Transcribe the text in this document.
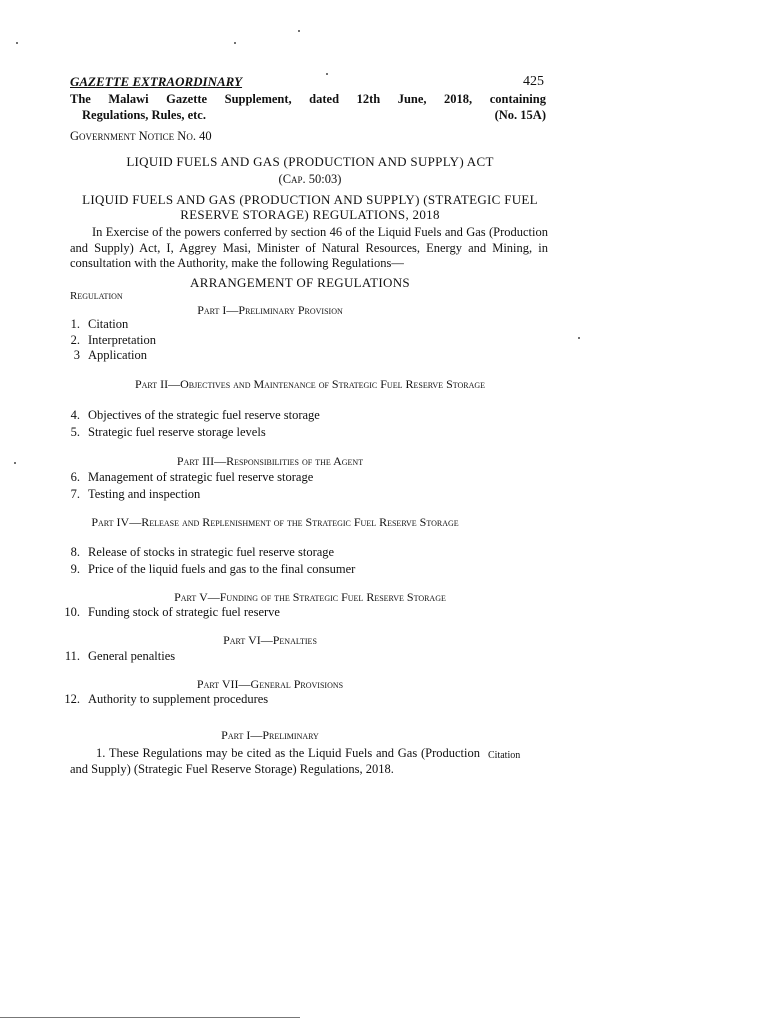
GAZETTE EXTRAORDINARY	425
The Malawi Gazette Supplement, dated 12th June, 2018, containing
Regulations, Rules, etc.	(No. 15A)
Government Notice No. 40
LIQUID FUELS AND GAS (PRODUCTION AND SUPPLY) ACT
(Cap. 50:03)
LIQUID FUELS AND GAS (PRODUCTION AND SUPPLY) (STRATEGIC FUEL RESERVE STORAGE) REGULATIONS, 2018
In Exercise of the powers conferred by section 46 of the Liquid Fuels and Gas (Production and Supply) Act, I, Aggrey Masi, Minister of Natural Resources, Energy and Mining, in consultation with the Authority, make the following Regulations—
ARRANGEMENT OF REGULATIONS
Regulation
Part I—Preliminary Provision
1. Citation
2. Interpretation
3 Application
Part II—Objectives and Maintenance of Strategic Fuel Reserve Storage
4. Objectives of the strategic fuel reserve storage
5. Strategic fuel reserve storage levels
Part III—Responsibilities of the Agent
6. Management of strategic fuel reserve storage
7. Testing and inspection
Part IV—Release and Replenishment of the Strategic Fuel Reserve Storage
8. Release of stocks in strategic fuel reserve storage
9. Price of the liquid fuels and gas to the final consumer
Part V—Funding of the Strategic Fuel Reserve Storage
10. Funding stock of strategic fuel reserve
Part VI—Penalties
11. General penalties
Part VII—General Provisions
12. Authority to supplement procedures
Part I—Preliminary
1. These Regulations may be cited as the Liquid Fuels and Gas (Production and Supply) (Strategic Fuel Reserve Storage) Regulations, 2018.
Citation
